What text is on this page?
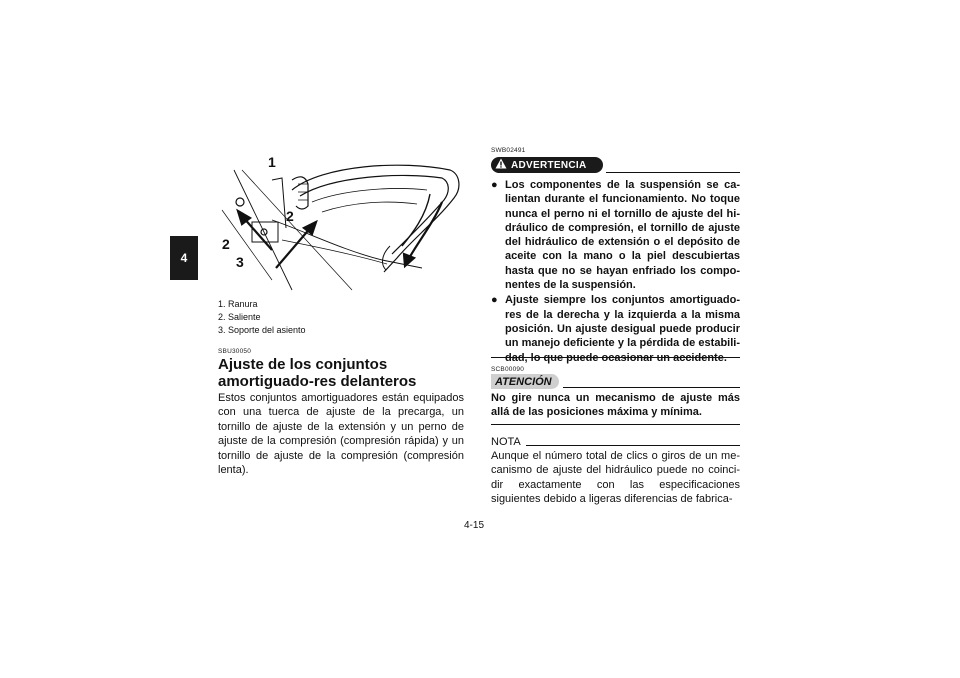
4
1
2
2
3
1. Ranura
2. Saliente
3. Soporte del asiento
SBU30050
Ajuste de los conjuntos amortiguado-res delanteros
Estos conjuntos amortiguadores están equipados con una tuerca de ajuste de la precarga, un tornillo de ajuste de la extensión y un perno de ajuste de la compresión (compresión rápida) y un tornillo de ajuste de la compresión (compresión lenta).
SWB02491
ADVERTENCIA
● Los componentes de la suspensión se ca-lientan durante el funcionamiento. No toque nunca el perno ni el tornillo de ajuste del hi-dráulico de compresión, el tornillo de ajuste del hidráulico de extensión o el depósito de aceite con la mano o la piel descubiertas hasta que no se hayan enfriado los compo-nentes de la suspensión.
● Ajuste siempre los conjuntos amortiguado-res de la derecha y la izquierda a la misma posición. Un ajuste desigual puede producir un manejo deficiente y la pérdida de estabili-
SCB00090
ATENCIÓN
No gire nunca un mecanismo de ajuste más allá de las posiciones máxima y mínima.
NOTA
Aunque el número total de clics o giros de un me-canismo de ajuste del hidráulico puede no coinci-dir exactamente con las especificaciones siguientes debido a ligeras diferencias de fabrica-
4-15
